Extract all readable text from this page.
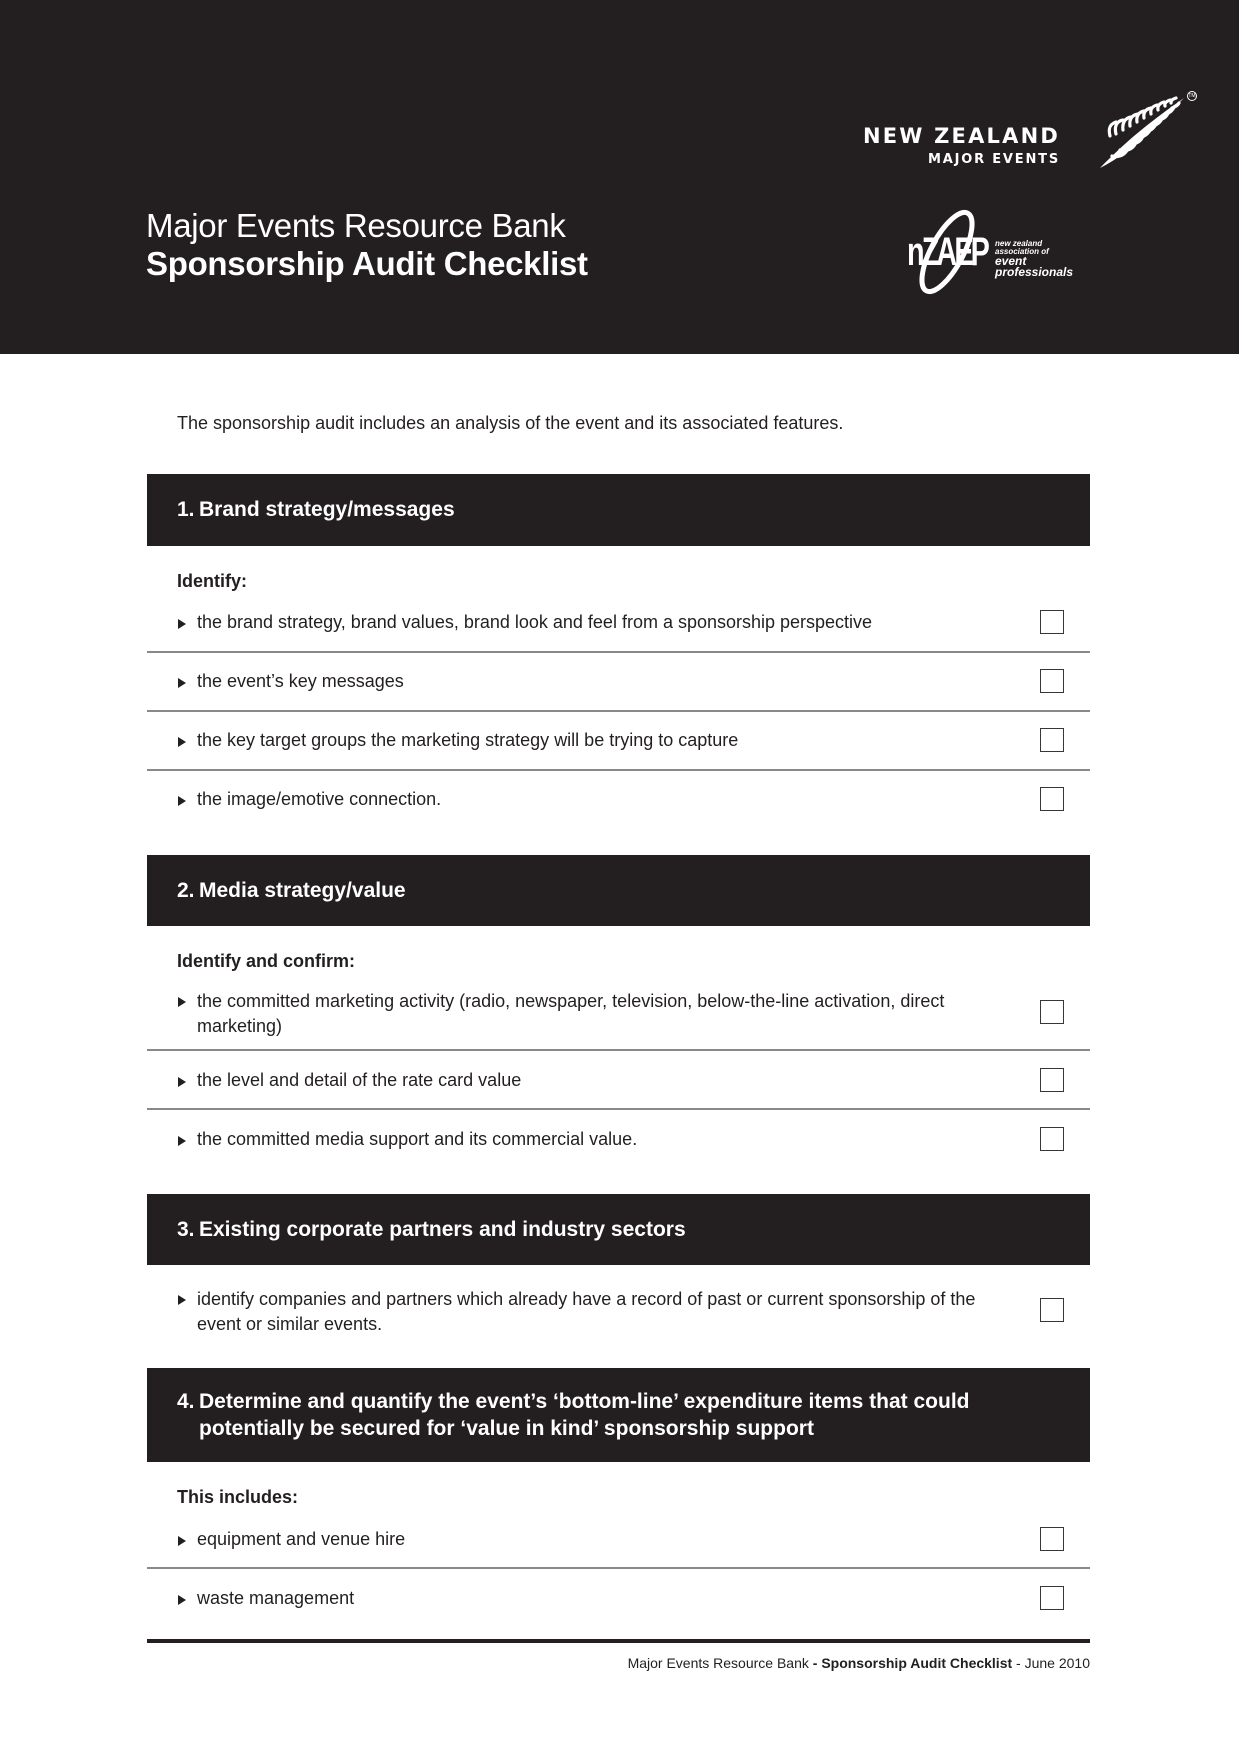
Major Events Resource Bank
Sponsorship Audit Checklist
NEW ZEALAND
MAJOR EVENTS
TM
nZAEP new zealand
association of
event
professionals
The sponsorship audit includes an analysis of the event and its associated features.
1. Brand strategy/messages
Identify:
the brand strategy, brand values, brand look and feel from a sponsorship perspective
the event’s key messages
the key target groups the marketing strategy will be trying to capture
the image/emotive connection.
2. Media strategy/value
Identify and confirm:
the committed marketing activity (radio, newspaper, television, below-the-line activation, direct marketing)
the level and detail of the rate card value
the committed media support and its commercial value.
3. Existing corporate partners and industry sectors
identify companies and partners which already have a record of past or current sponsorship of the event or similar events.
4. Determine and quantify the event’s ‘bottom-line’ expenditure items that could
potentially be secured for ‘value in kind’ sponsorship support
This includes:
equipment and venue hire
waste management
Major Events Resource Bank - Sponsorship Audit Checklist - June 2010
